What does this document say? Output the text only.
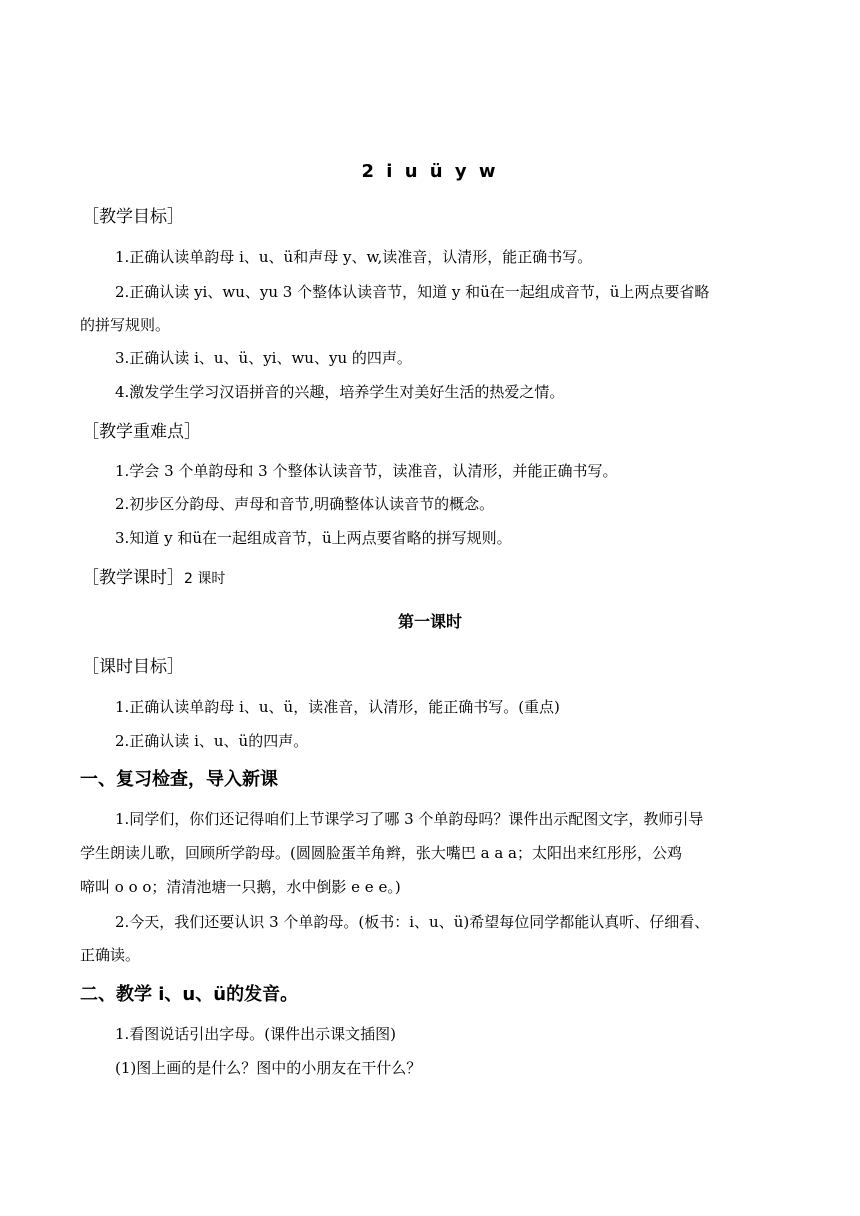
2 i u ü y w
［教学目标］
1.正确认读单韵母 i、u、ü和声母 y、w,读准音，认清形，能正确书写。
2.正确认读 yi、wu、yu 3 个整体认读音节，知道 y 和ü在一起组成音节，ü上两点要省略
的拼写规则。
3.正确认读 i、u、ü、yi、wu、yu 的四声。
4.激发学生学习汉语拼音的兴趣，培养学生对美好生活的热爱之情。
［教学重难点］
1.学会 3 个单韵母和 3 个整体认读音节，读准音，认清形，并能正确书写。
2.初步区分韵母、声母和音节,明确整体认读音节的概念。
3.知道 y 和ü在一起组成音节，ü上两点要省略的拼写规则。
［教学课时］2 课时
第一课时
［课时目标］
1.正确认读单韵母 i、u、ü，读准音，认清形，能正确书写。(重点)
2.正确认读 i、u、ü的四声。
一、复习检查，导入新课
1.同学们，你们还记得咱们上节课学习了哪 3 个单韵母吗？课件出示配图文字，教师引导
学生朗读儿歌，回顾所学韵母。(圆圆脸蛋羊角辫，张大嘴巴 a a a；太阳出来红彤彤，公鸡
啼叫 o o o；清清池塘一只鹅，水中倒影 e e e。)
2.今天，我们还要认识 3 个单韵母。(板书：i、u、ü)希望每位同学都能认真听、仔细看、
正确读。
二、教学 i、u、ü的发音。
1.看图说话引出字母。(课件出示课文插图)
(1)图上画的是什么？图中的小朋友在干什么？
